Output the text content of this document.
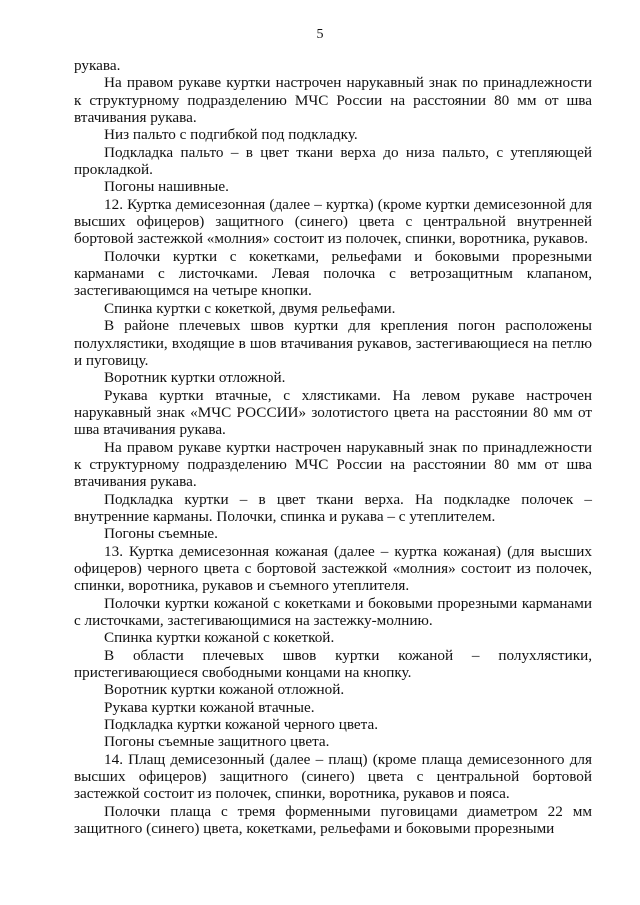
5

рукава.

На правом рукаве куртки настрочен нарукавный знак по принадлежности к структурному подразделению МЧС России на расстоянии 80 мм от шва втачивания рукава.

Низ пальто с подгибкой под подкладку.

Подкладка пальто – в цвет ткани верха до низа пальто, с утепляющей прокладкой.

Погоны нашивные.

12. Куртка демисезонная (далее – куртка) (кроме куртки демисезонной для высших офицеров) защитного (синего) цвета с центральной внутренней бортовой застежкой «молния» состоит из полочек, спинки, воротника, рукавов.

Полочки куртки с кокетками, рельефами и боковыми прорезными карманами с листочками. Левая полочка с ветрозащитным клапаном, застегивающимся на четыре кнопки.

Спинка куртки с кокеткой, двумя рельефами.

В районе плечевых швов куртки для крепления погон расположены полухлястики, входящие в шов втачивания рукавов, застегивающиеся на петлю и пуговицу.

Воротник куртки отложной.

Рукава куртки втачные, с хлястиками. На левом рукаве настрочен нарукавный знак «МЧС РОССИИ» золотистого цвета на расстоянии 80 мм от шва втачивания рукава.

На правом рукаве куртки настрочен нарукавный знак по принадлежности к структурному подразделению МЧС России на расстоянии 80 мм от шва втачивания рукава.

Подкладка куртки – в цвет ткани верха. На подкладке полочек – внутренние карманы. Полочки, спинка и рукава – с утеплителем.

Погоны съемные.

13. Куртка демисезонная кожаная (далее – куртка кожаная) (для высших офицеров) черного цвета с бортовой застежкой «молния» состоит из полочек, спинки, воротника, рукавов и съемного утеплителя.

Полочки куртки кожаной с кокетками и боковыми прорезными карманами с листочками, застегивающимися на застежку-молнию.

Спинка куртки кожаной с кокеткой.

В области плечевых швов куртки кожаной – полухлястики, пристегивающиеся свободными концами на кнопку.

Воротник куртки кожаной отложной.

Рукава куртки кожаной втачные.

Подкладка куртки кожаной черного цвета.

Погоны съемные защитного цвета.

14. Плащ демисезонный (далее – плащ) (кроме плаща демисезонного для высших офицеров) защитного (синего) цвета с центральной бортовой застежкой состоит из полочек, спинки, воротника, рукавов и пояса.

Полочки плаща с тремя форменными пуговицами диаметром 22 мм защитного (синего) цвета, кокетками, рельефами и боковыми прорезными
